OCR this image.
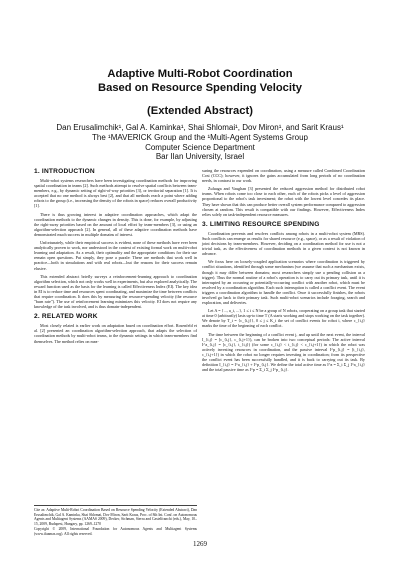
Adaptive Multi-Robot Coordination
Based on Resource Spending Velocity
(Extended Abstract)
Dan Erusalimchik¹, Gal A. Kaminka¹, Shai Shlomai¹, Dov Miron¹, and Sarit Kraus¹
The ¹MAVERICK Group and the ¹Multi-Agent Systems Group
Computer Science Department
Bar Ilan University, Israel
1. INTRODUCTION

Multi-robot systems researchers have been investigating coordination methods for improving spatial coordination in teams [2]. Such methods attempt to resolve spatial conflicts between team-members, e.g., by dynamic setting of right-of-way priorities [3], or territorial separation [1]. It is accepted that no one method is always best [2], and that all methods reach a point where adding robots to the group (i.e., increasing the density of the robots in space) reduces overall productivity [1].

There is thus growing interest in adaptive coordination approaches, which adapt the coordination methods to the dynamic changes in density. This is done, for example, by adjusting the right-away priorities based on the amount of local effort by team-members [3], or using an algorithm-selection approach [2]. In general, all of these adaptive coordination methods have demonstrated much success in multiple domains of interest.

Unfortunately, while their empirical success is evident, none of these methods have ever been analytically proven to work, nor understood in the context of existing formal work on multi-robot learning and adaptation. As a result, their optimality and the appropriate conditions for their use remain open questions. Put simply, they pose a puzzle: These are methods that work well in practice—both in simulations and with real robots—but the reasons for their success remain elusive.

This extended abstract briefly surveys a reinforcement-learning approach to coordination algorithm selection, which not only works well in experiments, but also explored analytically. The reward function used as the basis for the learning is called Effectiveness Index (EI). The key idea in EI is to reduce time and resources spent coordinating, and maximize the time between conflicts that require coordination. It does this by measuring the resource-spending velocity (the resource "burn rate"). The use of reinforcement learning minimizes this velocity. EI does not require any knowledge of the task involved, and is thus domain-independent.

2. RELATED WORK

Most closely related is earlier work on adaptation based on coordination effort. Rosenfeld et al. [2] presented an coordination algorithm-selection approach, that adapts the selection of coordination methods by multi-robot teams, to the dynamic settings in which team-members find themselves. The method relies on mea-

Cite as: Adaptive Multi-Robot Coordination Based on Resource Spending Velocity (Extended Abstract), Dan Erusalimchik, Gal A. Kaminka, Shai Shlomai, Dov Miron, Sarit Kraus, Proc. of 8th Int. Conf. on Autonomous Agents and Multiagent Systems (AAMAS 2009), Decker, Sichman, Sierra and Castelfranchi (eds.), May, 10–15, 2009, Budapest, Hungary, pp. 1269–1270

Copyright © 2009, International Foundation for Autonomous Agents and Multiagent Systems (www.ifaamas.org). All rights reserved.

suring the resources expended on coordination, using a measure called Combined Coordination Cost (CCC); however, it ignores the gains accumulated from long periods of no coordination needs, in contrast to our work.

Zuluaga and Vaughan [3] presented the reduced aggression method for distributed robot teams. When robots come too close to each other, each of the robots picks a level of aggression proportional to the robot's task investment; the robot with the lowest level concedes its place. They have shown that this can produce better overall system performance compared to aggression chosen at random. This result is compatible with our findings. However, Effectiveness Index relies solely on task-independent resource measures.

3. LIMITING RESOURCE SPENDING

Coordination prevents and resolves conflicts among robots in a multi-robot system (MRS). Such conflicts can emerge as results for shared resource (e.g., space), or as a result of violation of joint decisions by team-members. However, deciding on a coordination method for use is not a trivial task, as the effectiveness of coordination methods in a given context is not known in advance.

We focus here on loosely-coupled application scenarios where coordination is triggered by conflict situations, identified through some mechanism (we assume that such a mechanism exists, though it may differ between domains; most researchers simply use a pending collision as a trigger). Thus the normal routine of a robot's operation is to carry out its primary task, until it is interrupted by an occurring or potentially-occurring conflict with another robot, which must be resolved by a coordination algorithm. Each such interruption is called a conflict event. The event triggers a coordination algorithm to handle the conflict. Once it successfully finishes, the robots involved go back to their primary task. Such multi-robot scenarios include foraging, search and exploration, and deliveries.

Let A = {..., a_i, ...}, 1 ≤ i ≤ N be a group of N robots, cooperating on a group task that started at time 0 (arbitrarily) lasts up-to time T (A starts working and stops working on the task together). We denote by T_i = {c_{i,j}}, 0 ≤ j ≤ K_i the set of conflict events for robot i, where c_{i,j} marks the time of the beginning of each conflict.

The time between the beginning of a conflict event j, and up until the next event, the interval I_{i,j} = [c_{i,j}, c_{i,j+1}), can be broken into two conceptual periods: The active interval I^a_{i,j} = [c_{i,j}, t_{i,j}) (for some c_{i,j} < t_{i,j} < c_{i,j+1}) in which the robot was actively investing resources in coordination, and the passive interval I^p_{i,j} = [t_{i,j}, c_{i,j+1}) in which the robot no longer requires investing in coordination; from its perspective the conflict event has been successfully handled, and it is back to carrying out its task. By definition I_{i,j} = I^a_{i,j} + I^p_{i,j}. We define the total active time as I^a = Σ_i Σ_j I^a_{i,j} and the total passive time as I^p = Σ_i Σ_j I^p_{i,j}.

1269
